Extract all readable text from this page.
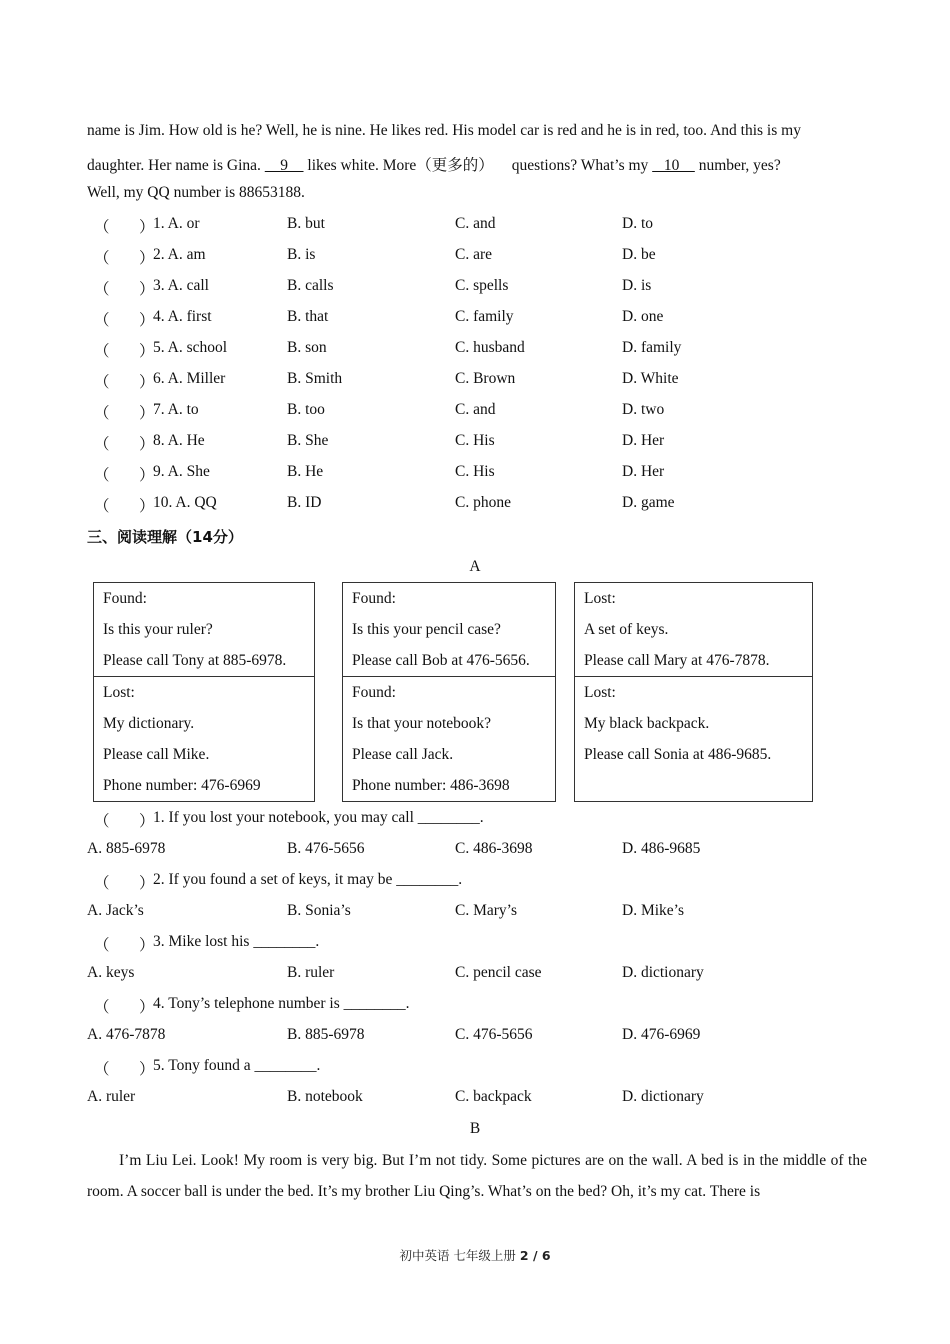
name is Jim. How old is he? Well, he is nine. He likes red. His model car is red and he is in red, too. And this is my
daughter. Her name is Gina.     9     likes white. More（更多的） questions? What’s my    10     number, yes?
Well, my QQ number is 88653188.
（ ）
1. A. or	B. but	C. and	D. to
（ ）
2. A. am	B. is	C. are	D. be
（ ）
3. A. call	B. calls	C. spells	D. is
（ ）
4. A. first	B. that	C. family	D. one
（ ）
5. A. school	B. son	C. husband	D. family
（ ）
6. A. Miller	B. Smith	C. Brown	D. White
（ ）
7. A. to	B. too	C. and	D. two
（ ）
8. A. He	B. She	C. His	D. Her
（ ）
9. A. She	B. He	C. His	D. Her
（ ）
10. A. QQ	B. ID	C. phone	D. game
三、阅读理解（14分）
A
Found:
Is this your ruler?
Please call Tony at 885-6978.
Found:
Is this your pencil case?
Please call Bob at 476-5656.
Lost:
A set of keys.
Please call Mary at 476-7878.
Lost:
My dictionary.
Please call Mike.
Phone number: 476-6969
Found:
Is that your notebook?
Please call Jack.
Phone number: 486-3698
Lost:
My black backpack.
Please call Sonia at 486-9685.
（ ）
1. If you lost your notebook, you may call ________.
A. 885-6978	B. 476-5656	C. 486-3698	D. 486-9685
（ ）
2. If you found a set of keys, it may be ________.
A. Jack’s	B. Sonia’s	C. Mary’s	D. Mike’s
（ ）
3. Mike lost his ________.
A. keys	B. ruler	C. pencil case	D. dictionary
（ ）
4. Tony’s telephone number is ________.
A. 476-7878	B. 885-6978	C. 476-5656	D. 476-6969
（ ）
5. Tony found a ________.
A. ruler	B. notebook	C. backpack	D. dictionary
B
I’m Liu Lei. Look! My room is very big. But I’m not tidy. Some pictures are on the wall. A bed is in the middle of the room. A soccer ball is under the bed. It’s my brother Liu Qing’s. What’s on the bed? Oh, it’s my cat. There is
初中英语 七年级上册 2 / 6
